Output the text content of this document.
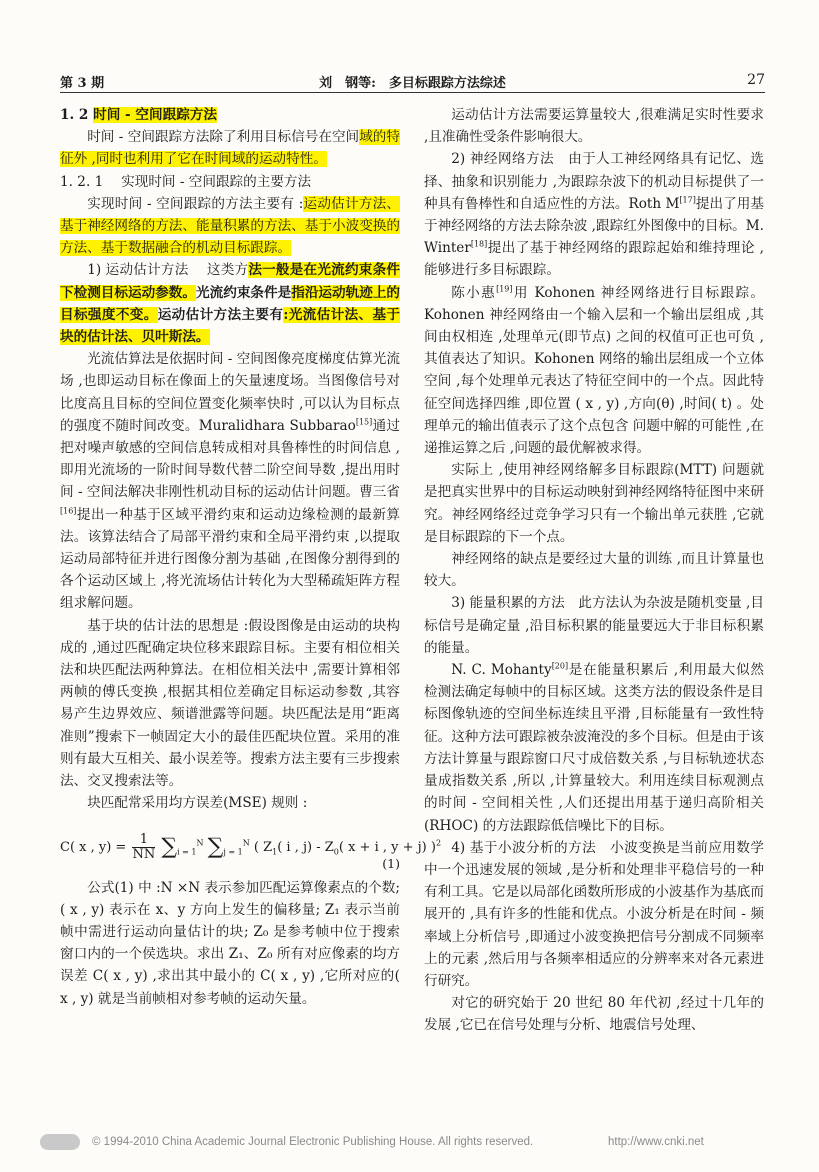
第 3 期	刘　钢等:　多目标跟踪方法综述	27

1. 2 时间 - 空间跟踪方法

时间 - 空间跟踪方法除了利用目标信号在空间域的特征外 ,同时也利用了它在时间域的运动特性。

1. 2. 1　 实现时间 - 空间跟踪的主要方法

实现时间 - 空间跟踪的方法主要有 :运动估计方法、基于神经网络的方法、能量积累的方法、基于小波变换的方法、基于数据融合的机动目标跟踪。

1) 运动估计方法　 这类方法一般是在光流约束条件下检测目标运动参数。光流约束条件是指沿运动轨迹上的目标强度不变。运动估计方法主要有:光流估计法、基于块的估计法、贝叶斯法。

光流估算法是依据时间 - 空间图像亮度梯度估算光流场 ,也即运动目标在像面上的矢量速度场。当图像信号对比度高且目标的空间位置变化频率快时 ,可以认为目标点的强度不随时间改变。Muralidhara Subbarao[15]通过把对噪声敏感的空间信息转成相对具鲁棒性的时间信息 ,即用光流场的一阶时间导数代替二阶空间导数 ,提出用时间 - 空间法解决非刚性机动目标的运动估计问题。曹三省[16]提出一种基于区域平滑约束和运动边缘检测的最新算法。该算法结合了局部平滑约束和全局平滑约束 ,以提取运动局部特征并进行图像分割为基础 ,在图像分割得到的各个运动区域上 ,将光流场估计转化为大型稀疏矩阵方程组求解问题。

基于块的估计法的思想是 :假设图像是由运动的块构成的 ,通过匹配确定块位移来跟踪目标。主要有相位相关法和块匹配法两种算法。在相位相关法中 ,需要计算相邻两帧的傅氏变换 ,根据其相位差确定目标运动参数 ,其容易产生边界效应、频谱泄露等问题。块匹配法是用“距离准则”搜索下一帧固定大小的最佳匹配块位置。采用的准则有最大互相关、最小误差等。搜索方法主要有三步搜索法、交叉搜索法等。

块匹配常采用均方误差(MSE) 规则 :

C( x , $y) = \frac{1}{NN} \sum_{i = 1}^N$ $\sum_{j = 1}^N$ ( $Z_1$( i , $j) - Z_0$( x + i , y + j) )$^2$
(1)

公式(1) 中 :N ×N 表示参加匹配运算像素点的个数; ( x , y) 表示在 x、y 方向上发生的偏移量; Z₁ 表示当前帧中需进行运动向量估计的块; Z₀ 是参考帧中位于搜索窗口内的一个侯选块。求出 Z₁、Z₀ 所有对应像素的均方误差 C( x , y) ,求出其中最小的 C( x , y) ,它所对应的( x , y) 就是当前帧相对参考帧的运动矢量。

运动估计方法需要运算量较大 ,很难满足实时性要求 ,且准确性受条件影响很大。

2) 神经网络方法　由于人工神经网络具有记忆、选择、抽象和识别能力 ,为跟踪杂波下的机动目标提供了一种具有鲁棒性和自适应性的方法。Roth M[17]提出了用基于神经网络的方法去除杂波 ,跟踪红外图像中的目标。M. Winter[18]提出了基于神经网络的跟踪起始和维持理论 ,能够进行多目标跟踪。

陈小惠[19]用 Kohonen 神经网络进行目标跟踪。Kohonen 神经网络由一个输入层和一个输出层组成 ,其间由权相连 ,处理单元(即节点) 之间的权值可正也可负 ,其值表达了知识。Kohonen 网络的输出层组成一个立体空间 ,每个处理单元表达了特征空间中的一个点。因此特征空间选择四维 ,即位置 ( x , y) ,方向(θ) ,时间( t) 。处理单元的输出值表示了这个点包含 问题中解的可能性 ,在递推运算之后 ,问题的最优解被求得。

实际上 ,使用神经网络解多目标跟踪(MTT) 问题就是把真实世界中的目标运动映射到神经网络特征图中来研究。神经网络经过竞争学习只有一个输出单元获胜 ,它就是目标跟踪的下一个点。

神经网络的缺点是要经过大量的训练 ,而且计算量也较大。

3) 能量积累的方法　此方法认为杂波是随机变量 ,目标信号是确定量 ,沿目标积累的能量要远大于非目标积累的能量。

N. C. Mohanty[20]是在能量积累后 ,利用最大似然检测法确定每帧中的目标区域。这类方法的假设条件是目标图像轨迹的空间坐标连续且平滑 ,目标能量有一致性特征。这种方法可跟踪被杂波淹没的多个目标。但是由于该方法计算量与跟踪窗口尺寸成倍数关系 ,与目标轨迹状态量成指数关系 ,所以 ,计算量较大。利用连续目标观测点的时间 - 空间相关性 ,人们还提出用基于递归高阶相关(RHOC) 的方法跟踪低信噪比下的目标。

4) 基于小波分析的方法　小波变换是当前应用数学中一个迅速发展的领域 ,是分析和处理非平稳信号的一种有利工具。它是以局部化函数所形成的小波基作为基底而展开的 ,具有许多的性能和优点。小波分析是在时间 - 频率域上分析信号 ,即通过小波变换把信号分割成不同频率上的元素 ,然后用与各频率相适应的分辨率来对各元素进行研究。

对它的研究始于 20 世纪 80 年代初 ,经过十几年的发展 ,它已在信号处理与分析、地震信号处理、

© 1994-2010 China Academic Journal Electronic Publishing House. All rights reserved.	http://www.cnki.net
